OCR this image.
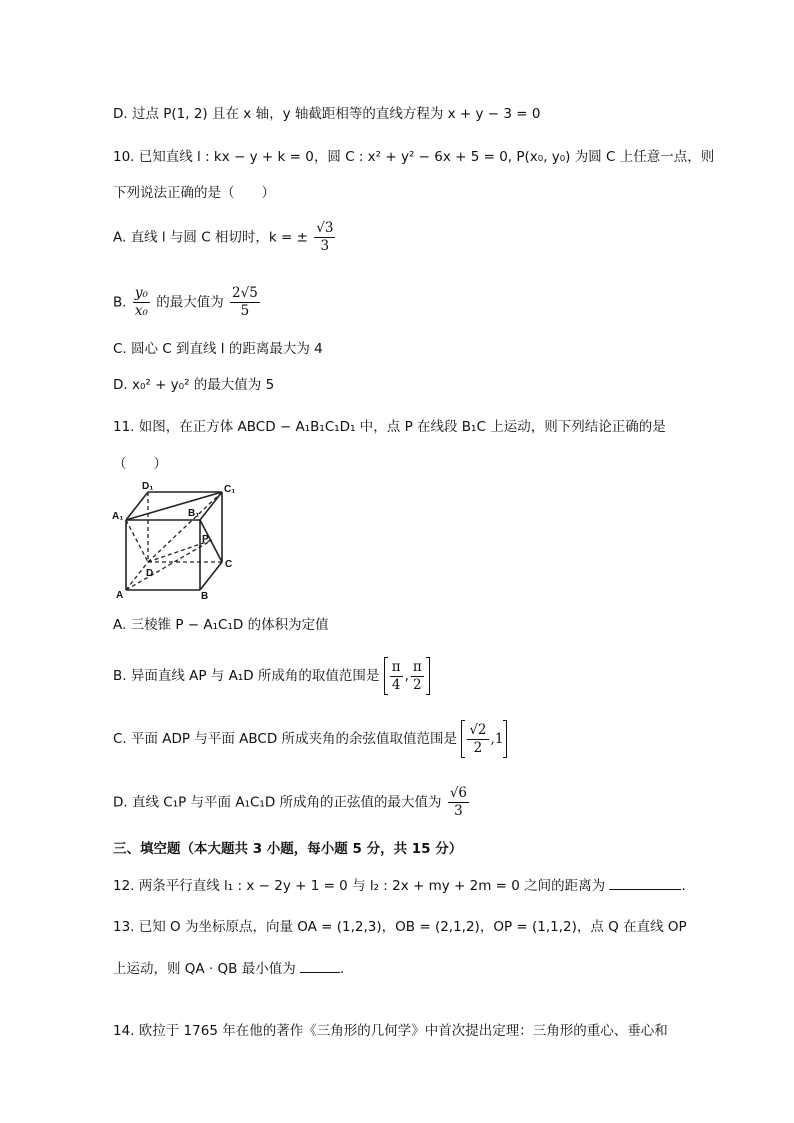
D. 过点 P(1, 2) 且在 x 轴，y 轴截距相等的直线方程为 x + y − 3 = 0
10. 已知直线 l : kx − y + k = 0，圆 C : x² + y² − 6x + 5 = 0, P(x₀, y₀) 为圆 C 上任意一点，则
下列说法正确的是（　　）
A. 直线 l 与圆 C 相切时，k = ± $\frac{√3}{3}$
B. $\frac{\text{y₀}}{\text{x₀}}$ 的最大值为 $\frac{2√5}{5}$
C. 圆心 C 到直线 l 的距离最大为 4
D. x₀² + y₀² 的最大值为 5
11. 如图，在正方体 ABCD − A₁B₁C₁D₁ 中，点 P 在线段 B₁C 上运动，则下列结论正确的是
（　　）
D₁	C₁
A₁	B₁
P
D
C
A	B
A. 三棱锥 P − A₁C₁D 的体积为定值
B. 异面直线 AP 与 A₁D 所成角的取值范围是 $\frac{\pi}{4}$ , $\frac{\pi}{2}$
C. 平面 ADP 与平面 ABCD 所成夹角的余弦值取值范围是 $\frac{√2}{2} ,1$
D. 直线 C₁P 与平面 A₁C₁D 所成角的正弦值的最大值为 $\frac{√6}{3}$
三、填空题（本大题共 3 小题，每小题 5 分，共 15 分）
12. 两条平行直线 l₁ : x − 2y + 1 = 0 与 l₂ : 2x + my + 2m = 0 之间的距离为	.
13. 已知 O 为坐标原点，向量 OA = (1,2,3)，OB = (2,1,2)，OP = (1,1,2)，点 Q 在直线 OP
上运动，则 QA · QB 最小值为	.
14. 欧拉于 1765 年在他的著作《三角形的几何学》中首次提出定理：三角形的重心、垂心和
